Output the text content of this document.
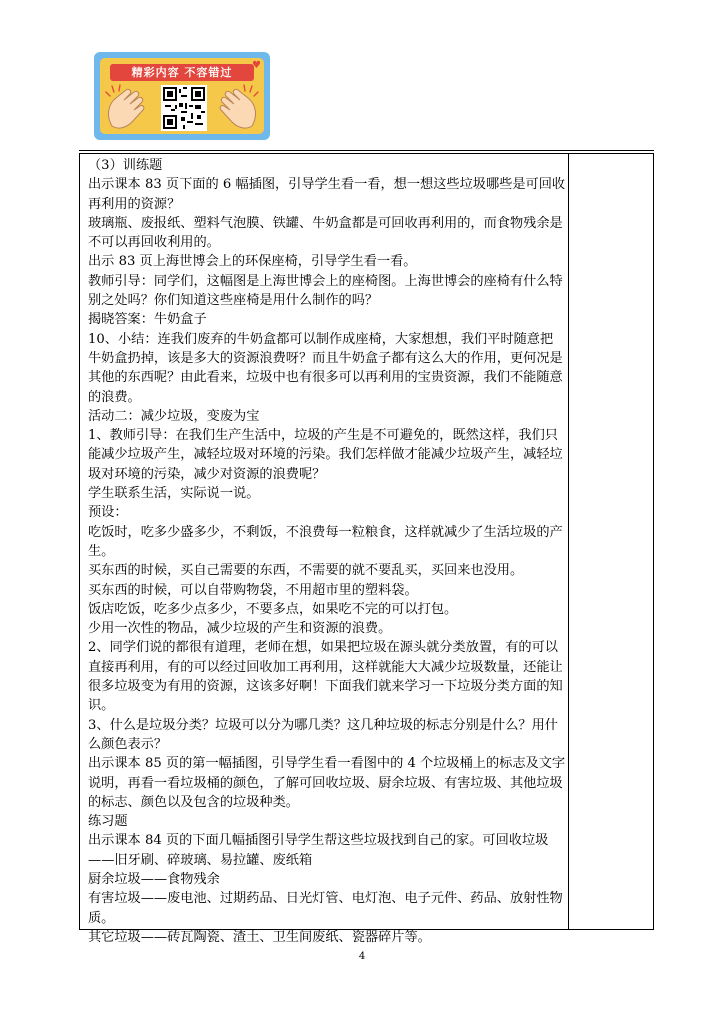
精彩内容 不容错过
♥

（3）训练题

出示课本 83 页下面的 6 幅插图，引导学生看一看，想一想这些垃圾哪些是可回收再利用的资源？

玻璃瓶、废报纸、塑料气泡膜、铁罐、牛奶盒都是可回收再利用的，而食物残余是不可以再回收利用的。

出示 83 页上海世博会上的环保座椅，引导学生看一看。

教师引导：同学们，这幅图是上海世博会上的座椅图。上海世博会的座椅有什么特别之处吗？你们知道这些座椅是用什么制作的吗？

揭晓答案：牛奶盒子

10、小结：连我们废弃的牛奶盒都可以制作成座椅，大家想想，我们平时随意把牛奶盒扔掉，该是多大的资源浪费呀？而且牛奶盒子都有这么大的作用，更何况是其他的东西呢？由此看来，垃圾中也有很多可以再利用的宝贵资源，我们不能随意的浪费。

活动二：减少垃圾，变废为宝

1、教师引导：在我们生产生活中，垃圾的产生是不可避免的，既然这样，我们只能减少垃圾产生，减轻垃圾对环境的污染。我们怎样做才能减少垃圾产生，减轻垃圾对环境的污染，减少对资源的浪费呢？

学生联系生活，实际说一说。

预设：

吃饭时，吃多少盛多少，不剩饭，不浪费每一粒粮食，这样就减少了生活垃圾的产生。

买东西的时候，买自己需要的东西，不需要的就不要乱买，买回来也没用。

买东西的时候，可以自带购物袋，不用超市里的塑料袋。

饭店吃饭，吃多少点多少，不要多点，如果吃不完的可以打包。

少用一次性的物品，减少垃圾的产生和资源的浪费。

2、同学们说的都很有道理，老师在想，如果把垃圾在源头就分类放置，有的可以直接再利用，有的可以经过回收加工再利用，这样就能大大减少垃圾数量，还能让很多垃圾变为有用的资源，这该多好啊！下面我们就来学习一下垃圾分类方面的知识。

3、什么是垃圾分类？垃圾可以分为哪几类？这几种垃圾的标志分别是什么？用什么颜色表示？

出示课本 85 页的第一幅插图，引导学生看一看图中的 4 个垃圾桶上的标志及文字说明，再看一看垃圾桶的颜色，了解可回收垃圾、厨余垃圾、有害垃圾、其他垃圾的标志、颜色以及包含的垃圾种类。

练习题

出示课本 84 页的下面几幅插图引导学生帮这些垃圾找到自己的家。可回收垃圾——旧牙刷、碎玻璃、易拉罐、废纸箱

厨余垃圾——食物残余

有害垃圾——废电池、过期药品、日光灯管、电灯泡、电子元件、药品、放射性物质。

其它垃圾——砖瓦陶瓷、渣土、卫生间废纸、瓷器碎片等。

4
